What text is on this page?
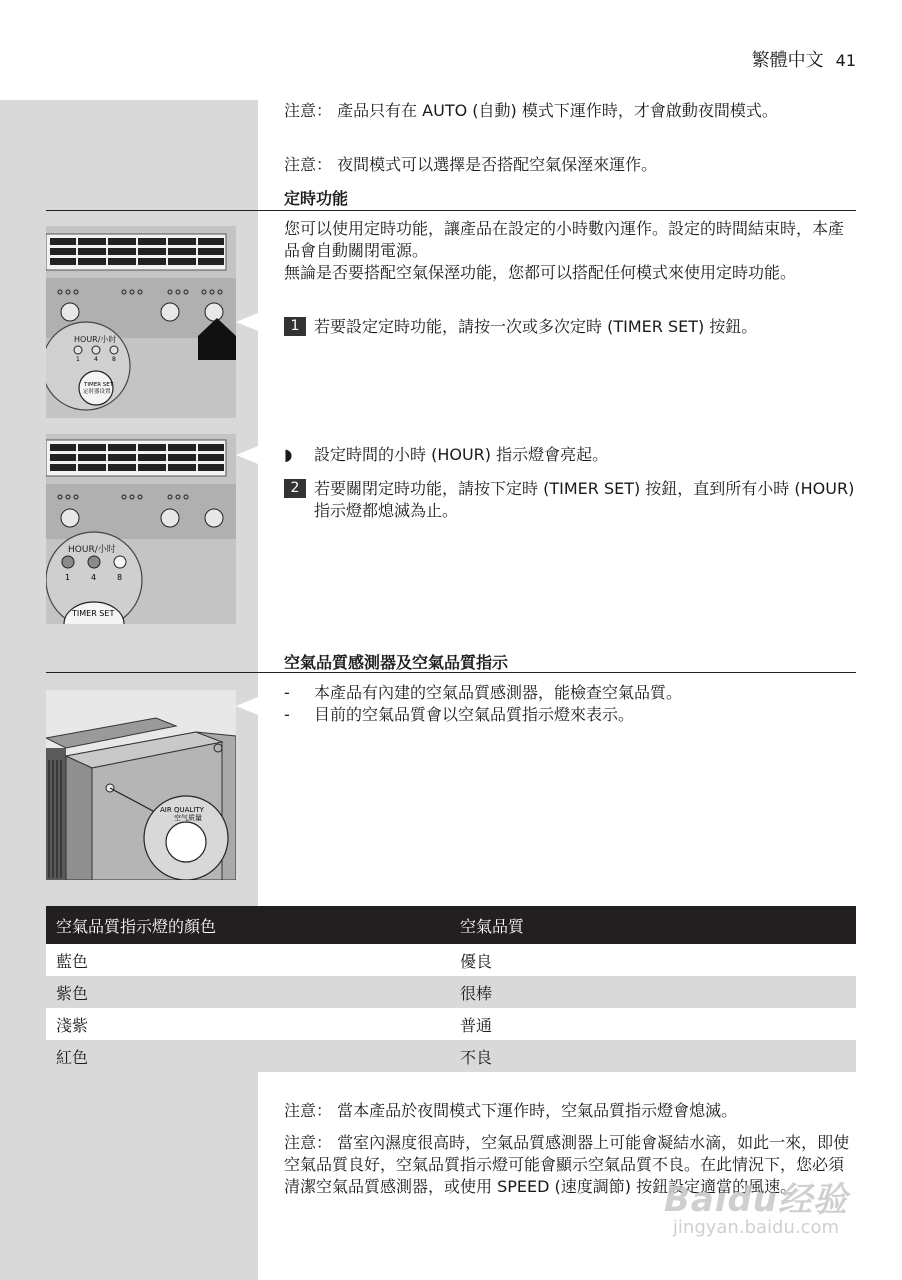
繁體中文 41
注意： 產品只有在 AUTO (自動) 模式下運作時，才會啟動夜間模式。
注意： 夜間模式可以選擇是否搭配空氣保溼來運作。
定時功能
您可以使用定時功能，讓產品在設定的小時數內運作。設定的時間結束時，本產品會自動關閉電源。
無論是否要搭配空氣保溼功能，您都可以搭配任何模式來使用定時功能。
1 若要設定定時功能，請按一次或多次定時 (TIMER SET) 按鈕。
◗	設定時間的小時 (HOUR) 指示燈會亮起。
2 若要關閉定時功能，請按下定時 (TIMER SET) 按鈕，直到所有小時 (HOUR) 指示燈都熄滅為止。
HOUR/小时
1 4 8
TIMER SET
定时器设置
HOUR/小时
1	4	8
TIMER SET
空氣品質感測器及空氣品質指示
-	本產品有內建的空氣品質感測器，能檢查空氣品質。
-	目前的空氣品質會以空氣品質指示燈來表示。
AIR QUALITY
空气质量
空氣品質指示燈的顏色	空氣品質
藍色	優良
紫色	很棒
淺紫	普通
紅色	不良
注意： 當本產品於夜間模式下運作時，空氣品質指示燈會熄滅。
注意： 當室內濕度很高時，空氣品質感測器上可能會凝結水滴，如此一來，即使空氣品質良好，空氣品質指示燈可能會顯示空氣品質不良。在此情況下，您必須清潔空氣品質感測器，或使用 SPEED (速度調節) 按鈕設定適當的風速。
Baidu经验
jingyan.baidu.com
